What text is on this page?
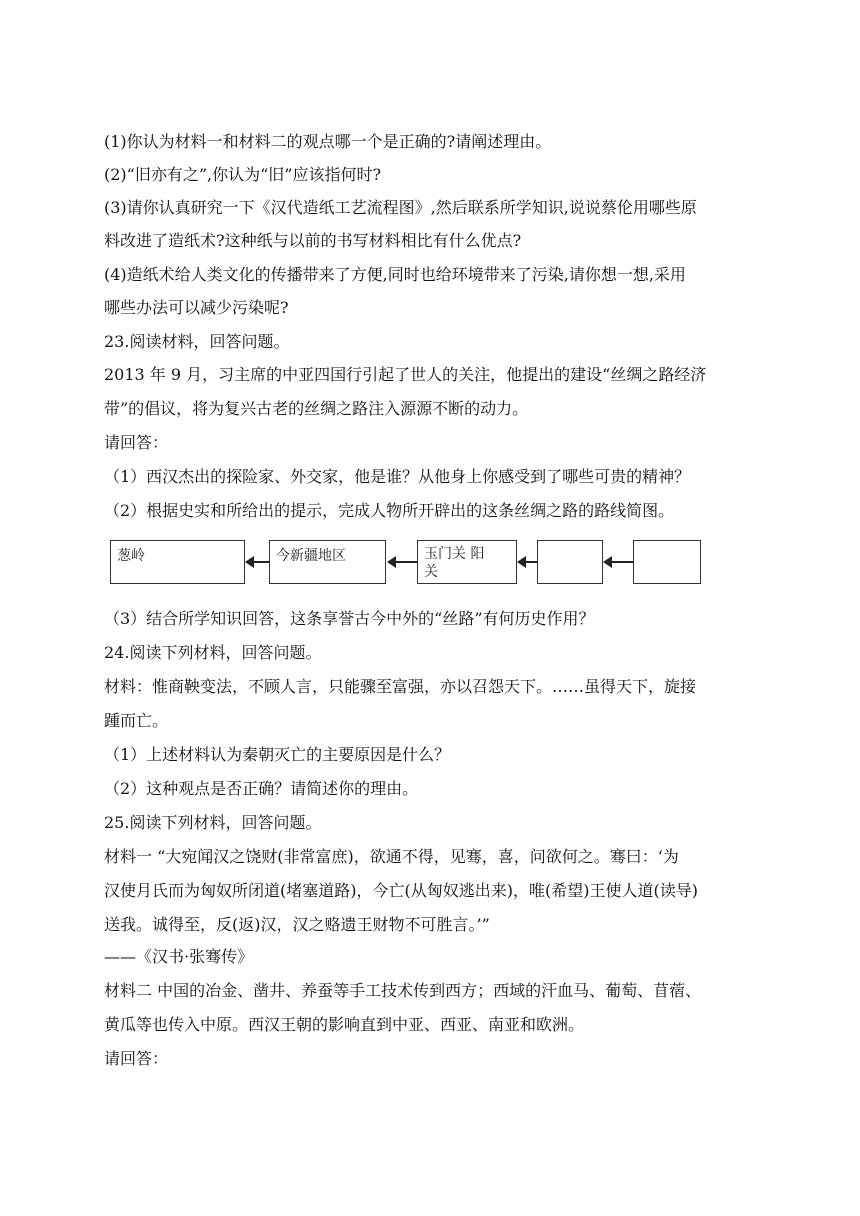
(1)你认为材料一和材料二的观点哪一个是正确的?请阐述理由。
(2)“旧亦有之”,你认为“旧”应该指何时?
(3)请你认真研究一下《汉代造纸工艺流程图》,然后联系所学知识,说说蔡伦用哪些原
料改进了造纸术?这种纸与以前的书写材料相比有什么优点?
(4)造纸术给人类文化的传播带来了方便,同时也给环境带来了污染,请你想一想,采用
哪些办法可以减少污染呢?
23.阅读材料，回答问题。
2013 年 9 月，习主席的中亚四国行引起了世人的关注，他提出的建设“丝绸之路经济
带”的倡议，将为复兴古老的丝绸之路注入源源不断的动力。
请回答：
（1）西汉杰出的探险家、外交家，他是谁？从他身上你感受到了哪些可贵的精神？
（2）根据史实和所给出的提示，完成人物所开辟出的这条丝绸之路的路线简图。
葱岭	今新疆地区	玉门关 阳
关
（3）结合所学知识回答，这条享誉古今中外的“丝路”有何历史作用？
24.阅读下列材料，回答问题。
材料：惟商鞅变法，不顾人言，只能骤至富强，亦以召怨天下。……虽得天下，旋接
踵而亡。
（1）上述材料认为秦朝灭亡的主要原因是什么？
（2）这种观点是否正确？请简述你的理由。
25.阅读下列材料，回答问题。
材料一 “大宛闻汉之饶财(非常富庶)，欲通不得，见骞，喜，问欲何之。骞曰：‘为
汉使月氏而为匈奴所闭道(堵塞道路)，今亡(从匈奴逃出来)，唯(希望)王使人道(读导)
送我。诚得至，反(返)汉，汉之赂遗王财物不可胜言。’”
——《汉书·张骞传》
材料二 中国的冶金、凿井、养蚕等手工技术传到西方；西域的汗血马、葡萄、苜蓿、
黄瓜等也传入中原。西汉王朝的影响直到中亚、西亚、南亚和欧洲。
请回答：
